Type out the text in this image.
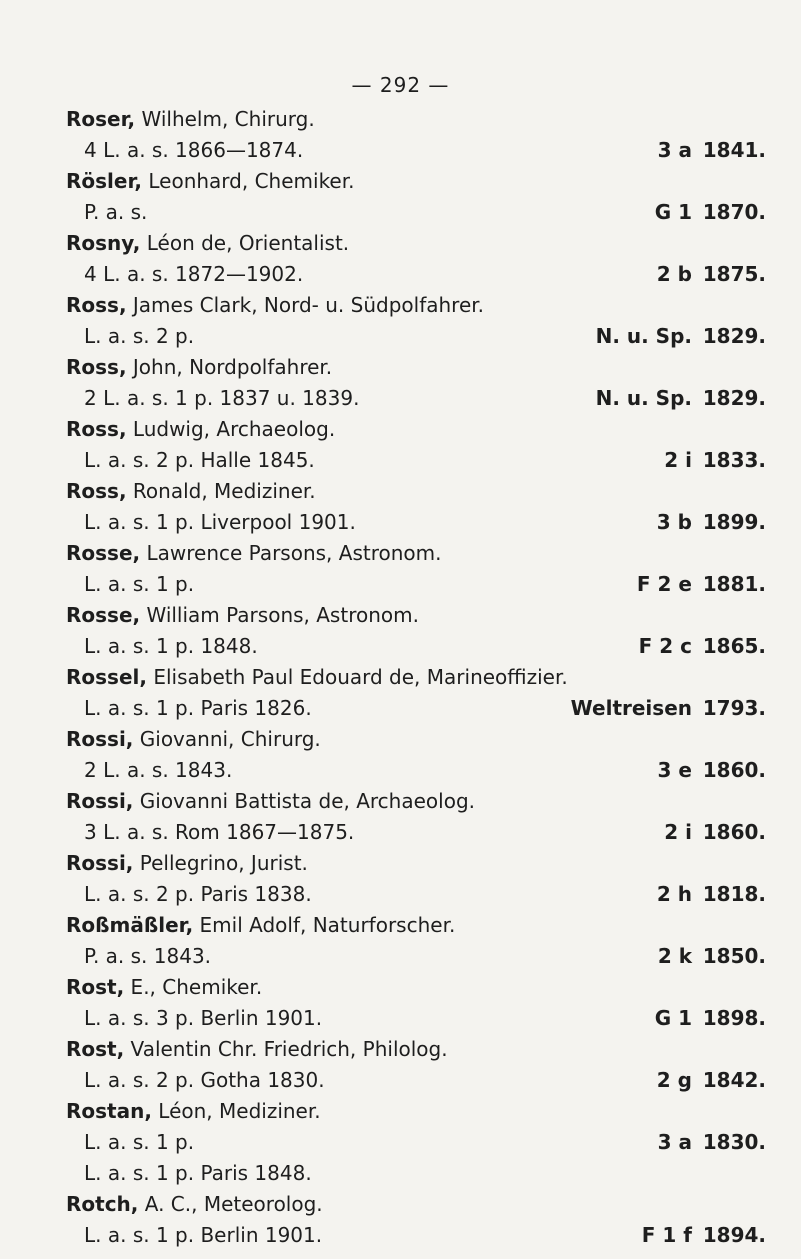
— 292 —
Roser, Wilhelm, Chirurg.
4 L. a. s. 1866—1874.	3 a 1841.
Rösler, Leonhard, Chemiker.
P. a. s.	G 1 1870.
Rosny, Léon de, Orientalist.
4 L. a. s. 1872—1902.	2 b 1875.
Ross, James Clark, Nord- u. Südpolfahrer.
L. a. s. 2 p.	N. u. Sp. 1829.
Ross, John, Nordpolfahrer.
2 L. a. s. 1 p. 1837 u. 1839.	N. u. Sp. 1829.
Ross, Ludwig, Archaeolog.
L. a. s. 2 p. Halle 1845.	2 i 1833.
Ross, Ronald, Mediziner.
L. a. s. 1 p. Liverpool 1901.	3 b 1899.
Rosse, Lawrence Parsons, Astronom.
L. a. s. 1 p.	F 2 e 1881.
Rosse, William Parsons, Astronom.
L. a. s. 1 p. 1848.	F 2 c 1865.
Rossel, Elisabeth Paul Edouard de, Marineoffizier.
L. a. s. 1 p. Paris 1826.	Weltreisen 1793.
Rossi, Giovanni, Chirurg.
2 L. a. s. 1843.	3 e 1860.
Rossi, Giovanni Battista de, Archaeolog.
3 L. a. s. Rom 1867—1875.	2 i 1860.
Rossi, Pellegrino, Jurist.
L. a. s. 2 p. Paris 1838.	2 h 1818.
Roßmäßler, Emil Adolf, Naturforscher.
P. a. s. 1843.	2 k 1850.
Rost, E., Chemiker.
L. a. s. 3 p. Berlin 1901.	G 1 1898.
Rost, Valentin Chr. Friedrich, Philolog.
L. a. s. 2 p. Gotha 1830.	2 g 1842.
Rostan, Léon, Mediziner.
L. a. s. 1 p.	3 a 1830.
L. a. s. 1 p. Paris 1848.
Rotch, A. C., Meteorolog.
L. a. s. 1 p. Berlin 1901.	F 1 f 1894.
